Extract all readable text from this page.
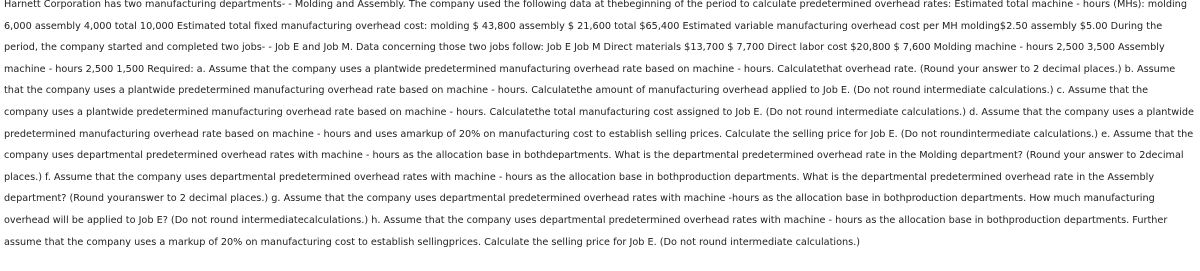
Harnett Corporation has two manufacturing departments- - Molding and Assembly. The company used the following data at thebeginning of the period to calculate predetermined overhead rates: Estimated total machine - hours (MHs): molding 6,000 assembly 4,000 total 10,000 Estimated total fixed manufacturing overhead cost: molding $ 43,800 assembly $ 21,600 total $65,400 Estimated variable manufacturing overhead cost per MH molding$2.50 assembly $5.00 During the period, the company started and completed two jobs- - Job E and Job M. Data concerning those two jobs follow: Job E Job M Direct materials $13,700 $ 7,700 Direct labor cost $20,800 $ 7,600 Molding machine - hours 2,500 3,500 Assembly machine - hours 2,500 1,500 Required: a. Assume that the company uses a plantwide predetermined manufacturing overhead rate based on machine - hours. Calculatethat overhead rate. (Round your answer to 2 decimal places.) b. Assume that the company uses a plantwide predetermined manufacturing overhead rate based on machine - hours. Calculatethe amount of manufacturing overhead applied to Job E. (Do not round intermediate calculations.) c. Assume that the company uses a plantwide predetermined manufacturing overhead rate based on machine - hours. Calculatethe total manufacturing cost assigned to Job E. (Do not round intermediate calculations.) d. Assume that the company uses a plantwide predetermined manufacturing overhead rate based on machine - hours and uses amarkup of 20% on manufacturing cost to establish selling prices. Calculate the selling price for Job E. (Do not roundintermediate calculations.) e. Assume that the company uses departmental predetermined overhead rates with machine - hours as the allocation base in bothdepartments. What is the departmental predetermined overhead rate in the Molding department? (Round your answer to 2decimal places.) f. Assume that the company uses departmental predetermined overhead rates with machine - hours as the allocation base in bothproduction departments. What is the departmental predetermined overhead rate in the Assembly department? (Round youranswer to 2 decimal places.) g. Assume that the company uses departmental predetermined overhead rates with machine -hours as the allocation base in bothproduction departments. How much manufacturing overhead will be applied to Job E? (Do not round intermediatecalculations.) h. Assume that the company uses departmental predetermined overhead rates with machine - hours as the allocation base in bothproduction departments. Further assume that the company uses a markup of 20% on manufacturing cost to establish sellingprices. Calculate the selling price for Job E. (Do not round intermediate calculations.)
